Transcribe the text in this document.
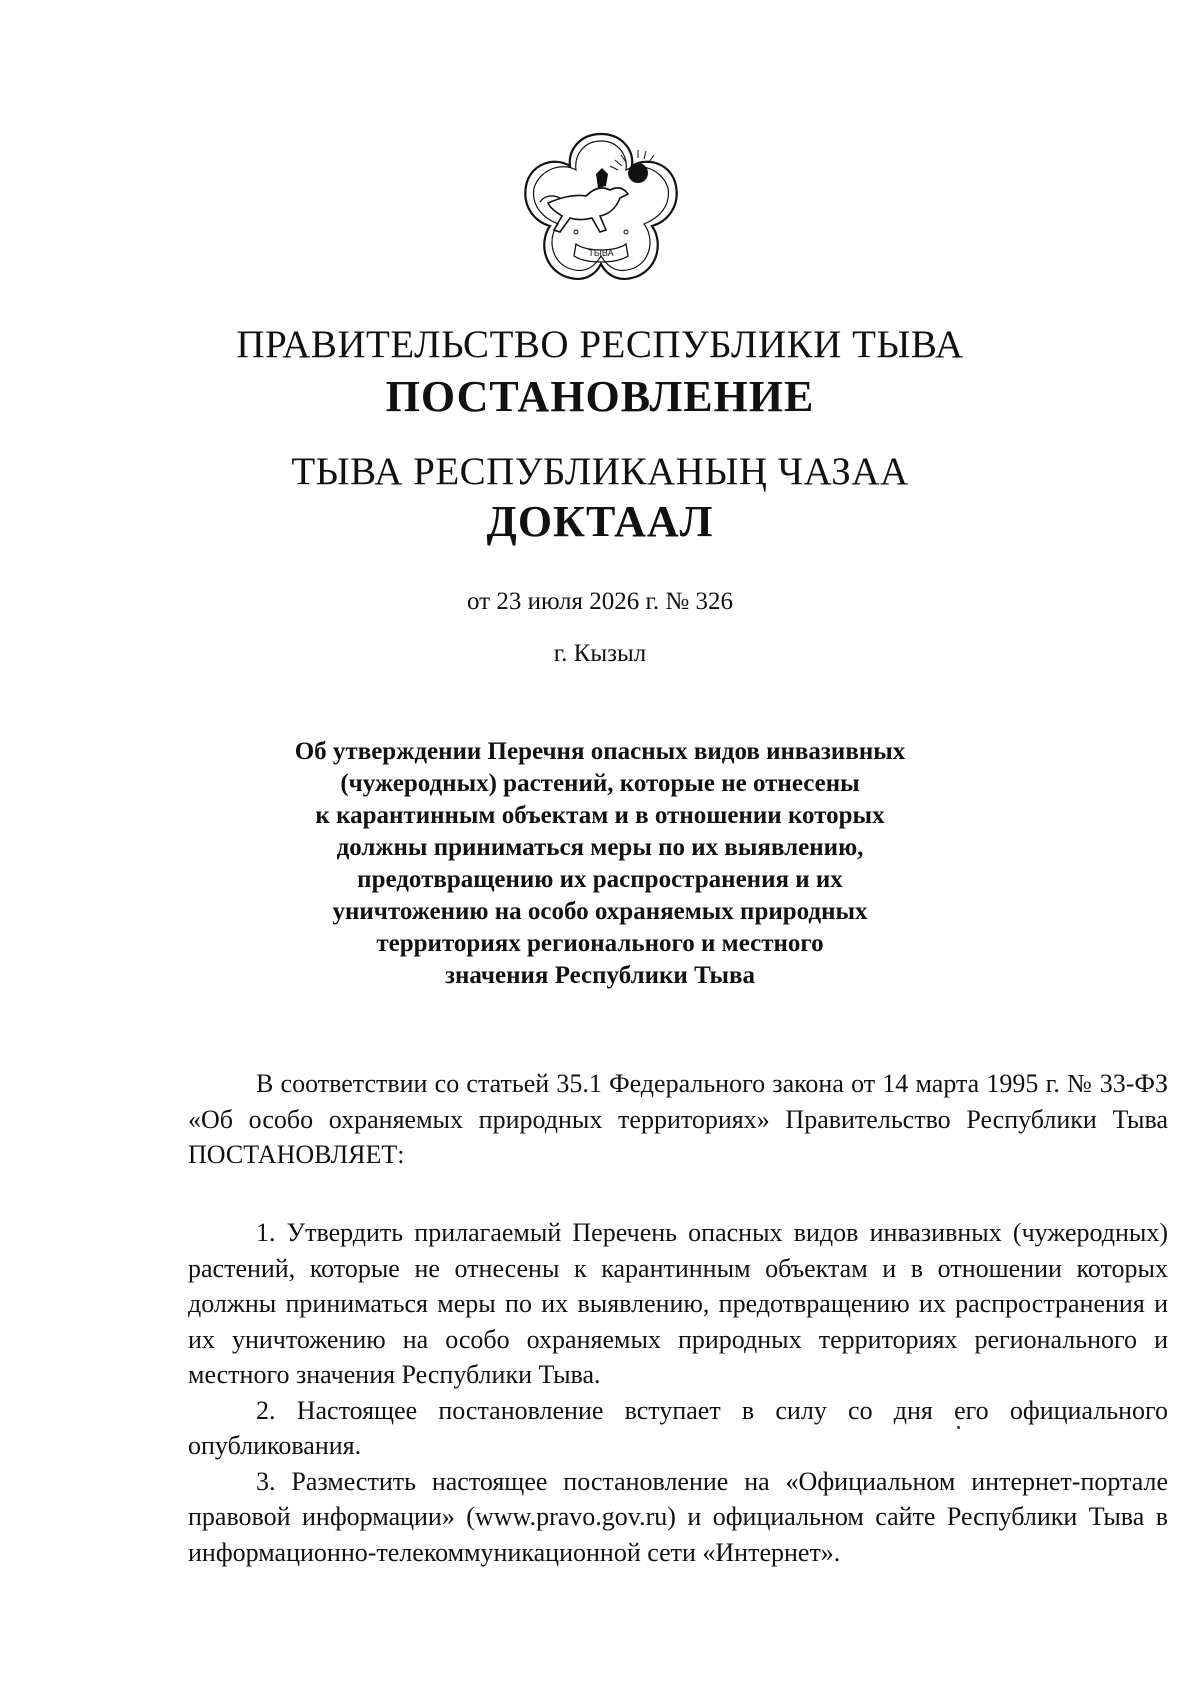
ТЫВА
ПРАВИТЕЛЬСТВО РЕСПУБЛИКИ ТЫВА
ПОСТАНОВЛЕНИЕ
ТЫВА РЕСПУБЛИКАНЫҢ ЧАЗАА
ДОКТААЛ
от 23 июля 2026 г. № 326
г. Кызыл
Об утверждении Перечня опасных видов инвазивных
(чужеродных) растений, которые не отнесены
к карантинным объектам и в отношении которых
должны приниматься меры по их выявлению,
предотвращению их распространения и их
уничтожению на особо охраняемых природных
территориях регионального и местного
значения Республики Тыва

В соответствии со статьей 35.1 Федерального закона от 14 марта 1995 г. № 33-ФЗ «Об особо охраняемых природных территориях» Правительство Республики Тыва ПОСТАНОВЛЯЕТ:

1. Утвердить прилагаемый Перечень опасных видов инвазивных (чужеродных) растений, которые не отнесены к карантинным объектам и в отношении которых должны приниматься меры по их выявлению, предотвращению их распространения и их уничтожению на особо охраняемых природных территориях регионального и местного значения Республики Тыва.

2. Настоящее постановление вступает в силу со дня его официального опубликования.

3. Разместить настоящее постановление на «Официальном интернет-портале правовой информации» (www.pravo.gov.ru) и официальном сайте Республики Тыва в информационно-телекоммуникационной сети «Интернет».
